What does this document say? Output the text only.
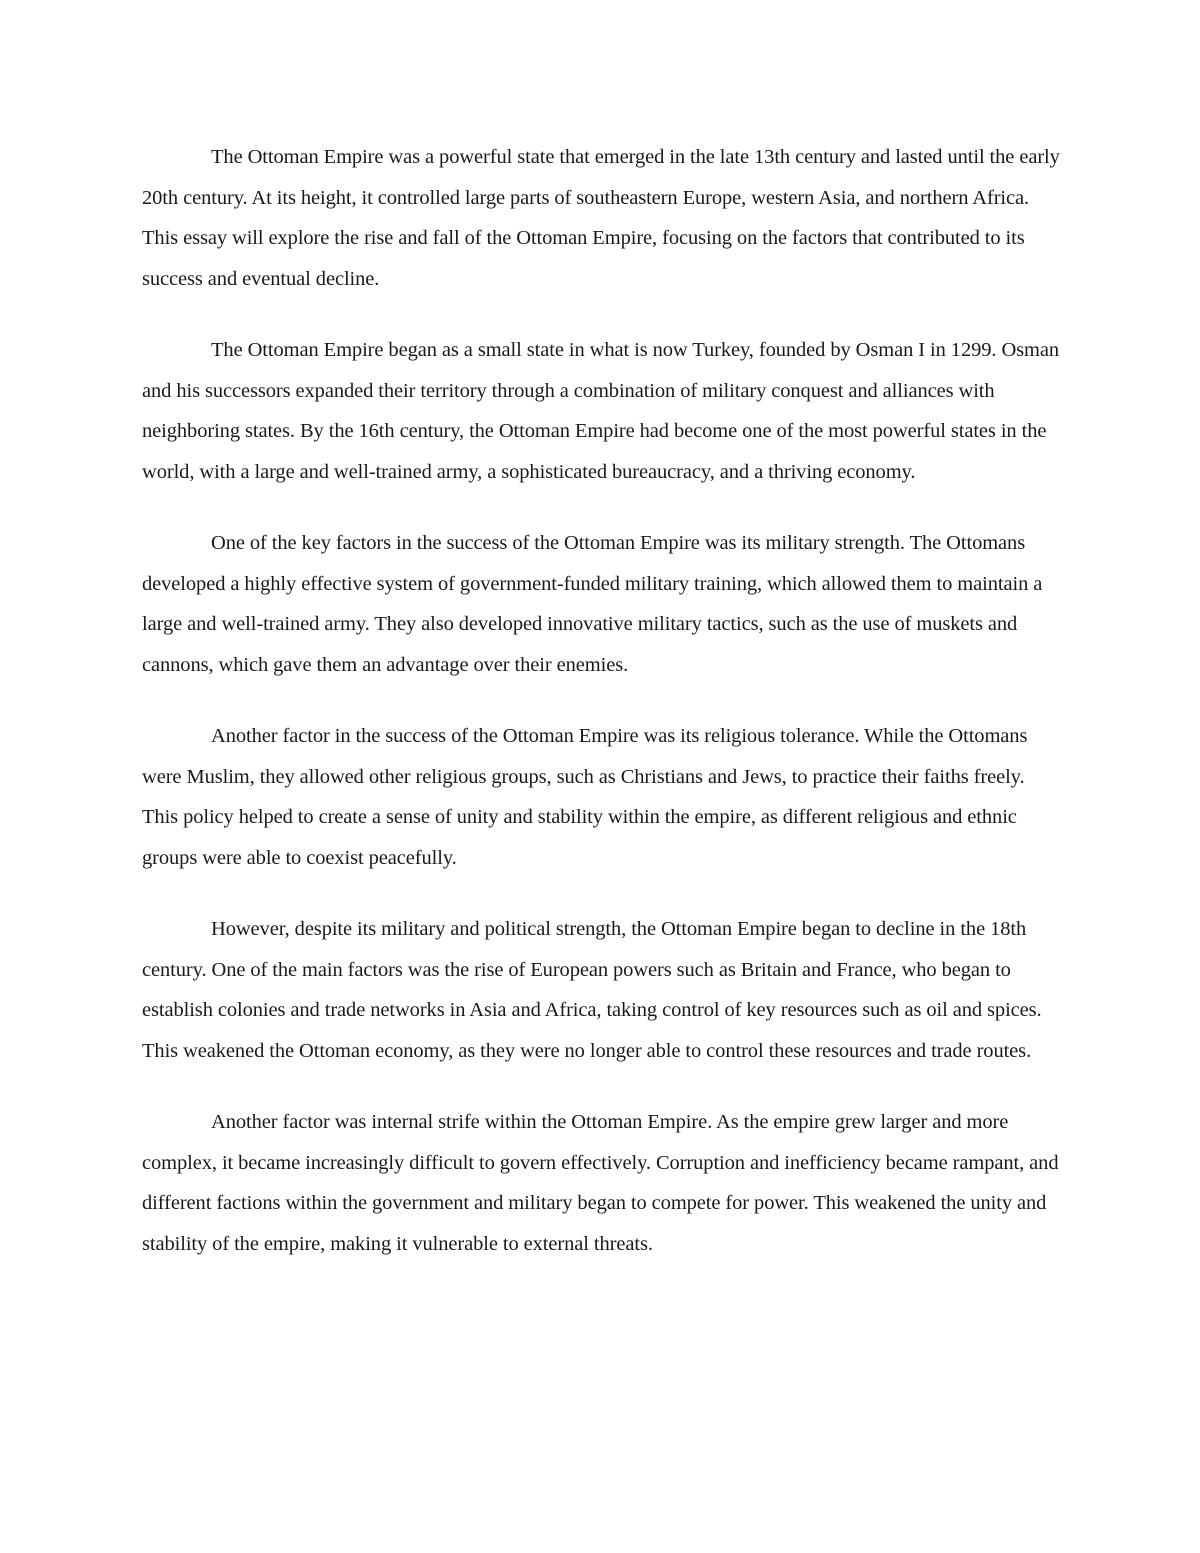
The Ottoman Empire was a powerful state that emerged in the late 13th century and lasted until the early 20th century. At its height, it controlled large parts of southeastern Europe, western Asia, and northern Africa. This essay will explore the rise and fall of the Ottoman Empire, focusing on the factors that contributed to its success and eventual decline.

The Ottoman Empire began as a small state in what is now Turkey, founded by Osman I in 1299. Osman and his successors expanded their territory through a combination of military conquest and alliances with neighboring states. By the 16th century, the Ottoman Empire had become one of the most powerful states in the world, with a large and well-trained army, a sophisticated bureaucracy, and a thriving economy.

One of the key factors in the success of the Ottoman Empire was its military strength. The Ottomans developed a highly effective system of government-funded military training, which allowed them to maintain a large and well-trained army. They also developed innovative military tactics, such as the use of muskets and cannons, which gave them an advantage over their enemies.

Another factor in the success of the Ottoman Empire was its religious tolerance. While the Ottomans were Muslim, they allowed other religious groups, such as Christians and Jews, to practice their faiths freely. This policy helped to create a sense of unity and stability within the empire, as different religious and ethnic groups were able to coexist peacefully.

However, despite its military and political strength, the Ottoman Empire began to decline in the 18th century. One of the main factors was the rise of European powers such as Britain and France, who began to establish colonies and trade networks in Asia and Africa, taking control of key resources such as oil and spices. This weakened the Ottoman economy, as they were no longer able to control these resources and trade routes.

Another factor was internal strife within the Ottoman Empire. As the empire grew larger and more complex, it became increasingly difficult to govern effectively. Corruption and inefficiency became rampant, and different factions within the government and military began to compete for power. This weakened the unity and stability of the empire, making it vulnerable to external threats.
